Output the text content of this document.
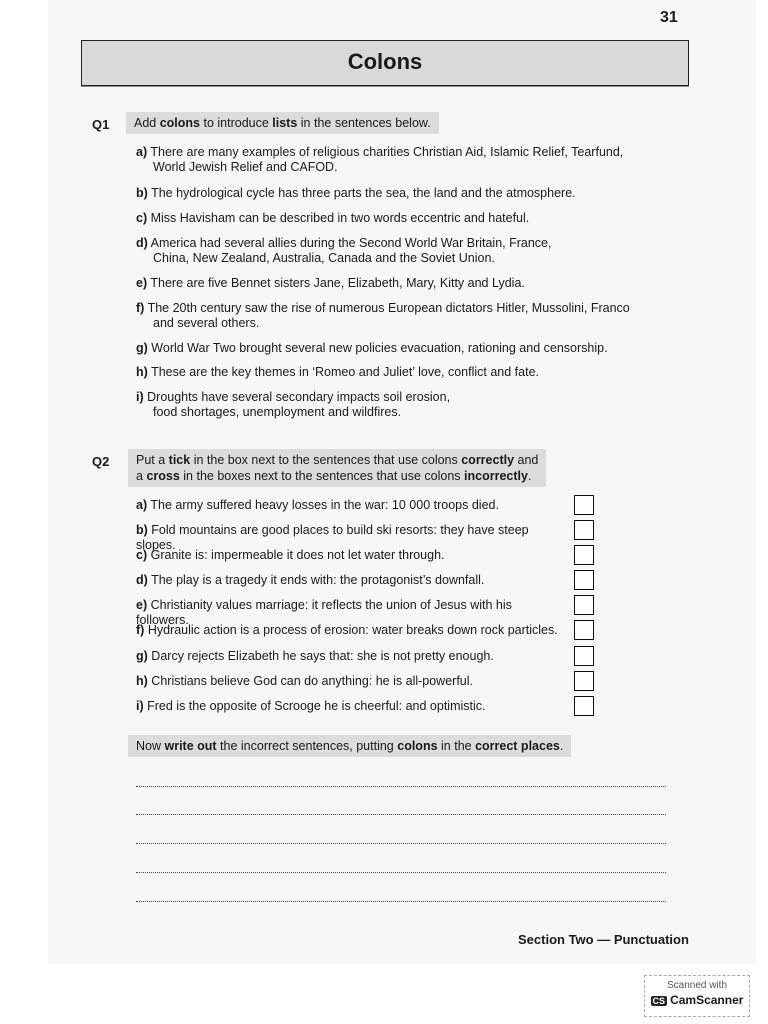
31
Colons
Q1	Add colons to introduce lists in the sentences below.
a) There are many examples of religious charities Christian Aid, Islamic Relief, Tearfund,
World Jewish Relief and CAFOD.
b) The hydrological cycle has three parts the sea, the land and the atmosphere.
c) Miss Havisham can be described in two words eccentric and hateful.
d) America had several allies during the Second World War Britain, France,
China, New Zealand, Australia, Canada and the Soviet Union.
e) There are five Bennet sisters Jane, Elizabeth, Mary, Kitty and Lydia.
f) The 20th century saw the rise of numerous European dictators Hitler, Mussolini, Franco
and several others.
g) World War Two brought several new policies evacuation, rationing and censorship.
h) These are the key themes in ‘Romeo and Juliet’ love, conflict and fate.
i) Droughts have several secondary impacts soil erosion,
food shortages, unemployment and wildfires.
Q2 Put a tick in the box next to the sentences that use colons correctly and
a cross in the boxes next to the sentences that use colons incorrectly.
a) The army suffered heavy losses in the war: 10 000 troops died.
b) Fold mountains are good places to build ski resorts: they have steep slopes.
c) Granite is: impermeable it does not let water through.
d) The play is a tragedy it ends with: the protagonist’s downfall.
e) Christianity values marriage: it reflects the union of Jesus with his followers.
f) Hydraulic action is a process of erosion: water breaks down rock particles.
g) Darcy rejects Elizabeth he says that: she is not pretty enough.
h) Christians believe God can do anything: he is all-powerful.
i) Fred is the opposite of Scrooge he is cheerful: and optimistic.
Now write out the incorrect sentences, putting colons in the correct places.
Section Two — Punctuation
Scanned with
CS CamScanner
